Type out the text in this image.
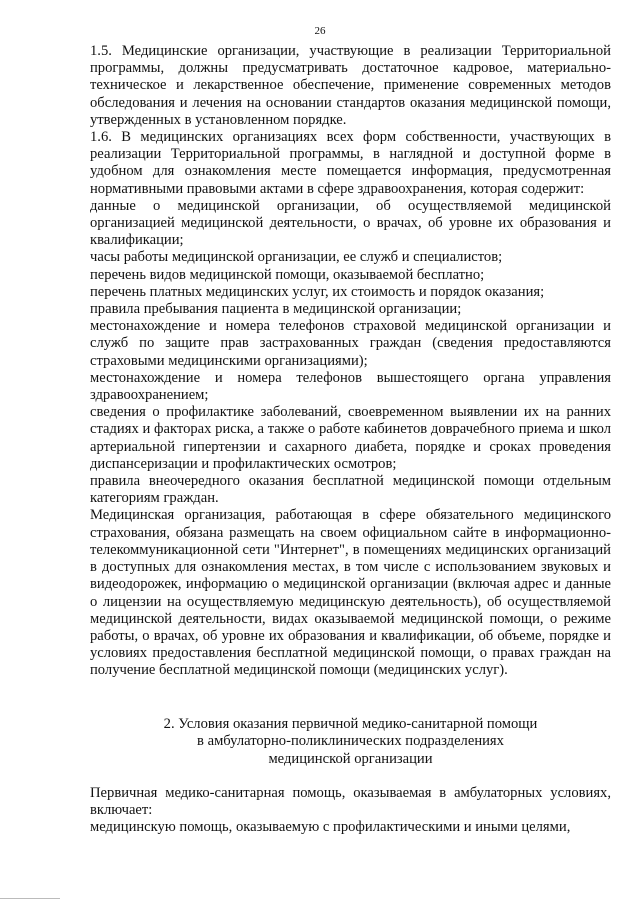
26

1.5. Медицинские организации, участвующие в реализации Территориальной программы, должны предусматривать достаточное кадровое, материально-техническое и лекарственное обеспечение, применение современных методов обследования и лечения на основании стандартов оказания медицинской помощи, утвержденных в установленном порядке.

1.6. В медицинских организациях всех форм собственности, участвующих в реализации Территориальной программы, в наглядной и доступной форме в удобном для ознакомления месте помещается информация, предусмотренная нормативными правовыми актами в сфере здравоохранения, которая содержит:

данные о медицинской организации, об осуществляемой медицинской организацией медицинской деятельности, о врачах, об уровне их образования и квалификации;

часы работы медицинской организации, ее служб и специалистов;

перечень видов медицинской помощи, оказываемой бесплатно;

перечень платных медицинских услуг, их стоимость и порядок оказания;

правила пребывания пациента в медицинской организации;

местонахождение и номера телефонов страховой медицинской организации и служб по защите прав застрахованных граждан (сведения предоставляются страховыми медицинскими организациями);

местонахождение и номера телефонов вышестоящего органа управления здравоохранением;

сведения о профилактике заболеваний, своевременном выявлении их на ранних стадиях и факторах риска, а также о работе кабинетов доврачебного приема и школ артериальной гипертензии и сахарного диабета, порядке и сроках проведения диспансеризации и профилактических осмотров;

правила внеочередного оказания бесплатной медицинской помощи отдельным категориям граждан.

Медицинская организация, работающая в сфере обязательного медицинского страхования, обязана размещать на своем официальном сайте в информационно-телекоммуникационной сети "Интернет", в помещениях медицинских организаций в доступных для ознакомления местах, в том числе с использованием звуковых и видеодорожек, информацию о медицинской организации (включая адрес и данные о лицензии на осуществляемую медицинскую деятельность), об осуществляемой медицинской деятельности, видах оказываемой медицинской помощи, о режиме работы, о врачах, об уровне их образования и квалификации, об объеме, порядке и условиях предоставления бесплатной медицинской помощи, о правах граждан на получение бесплатной медицинской помощи (медицинских услуг).

2. Условия оказания первичной медико-санитарной помощи
в амбулаторно-поликлинических подразделениях
медицинской организации

Первичная медико-санитарная помощь, оказываемая в амбулаторных условиях, включает:

медицинскую помощь, оказываемую с профилактическими и иными целями,
